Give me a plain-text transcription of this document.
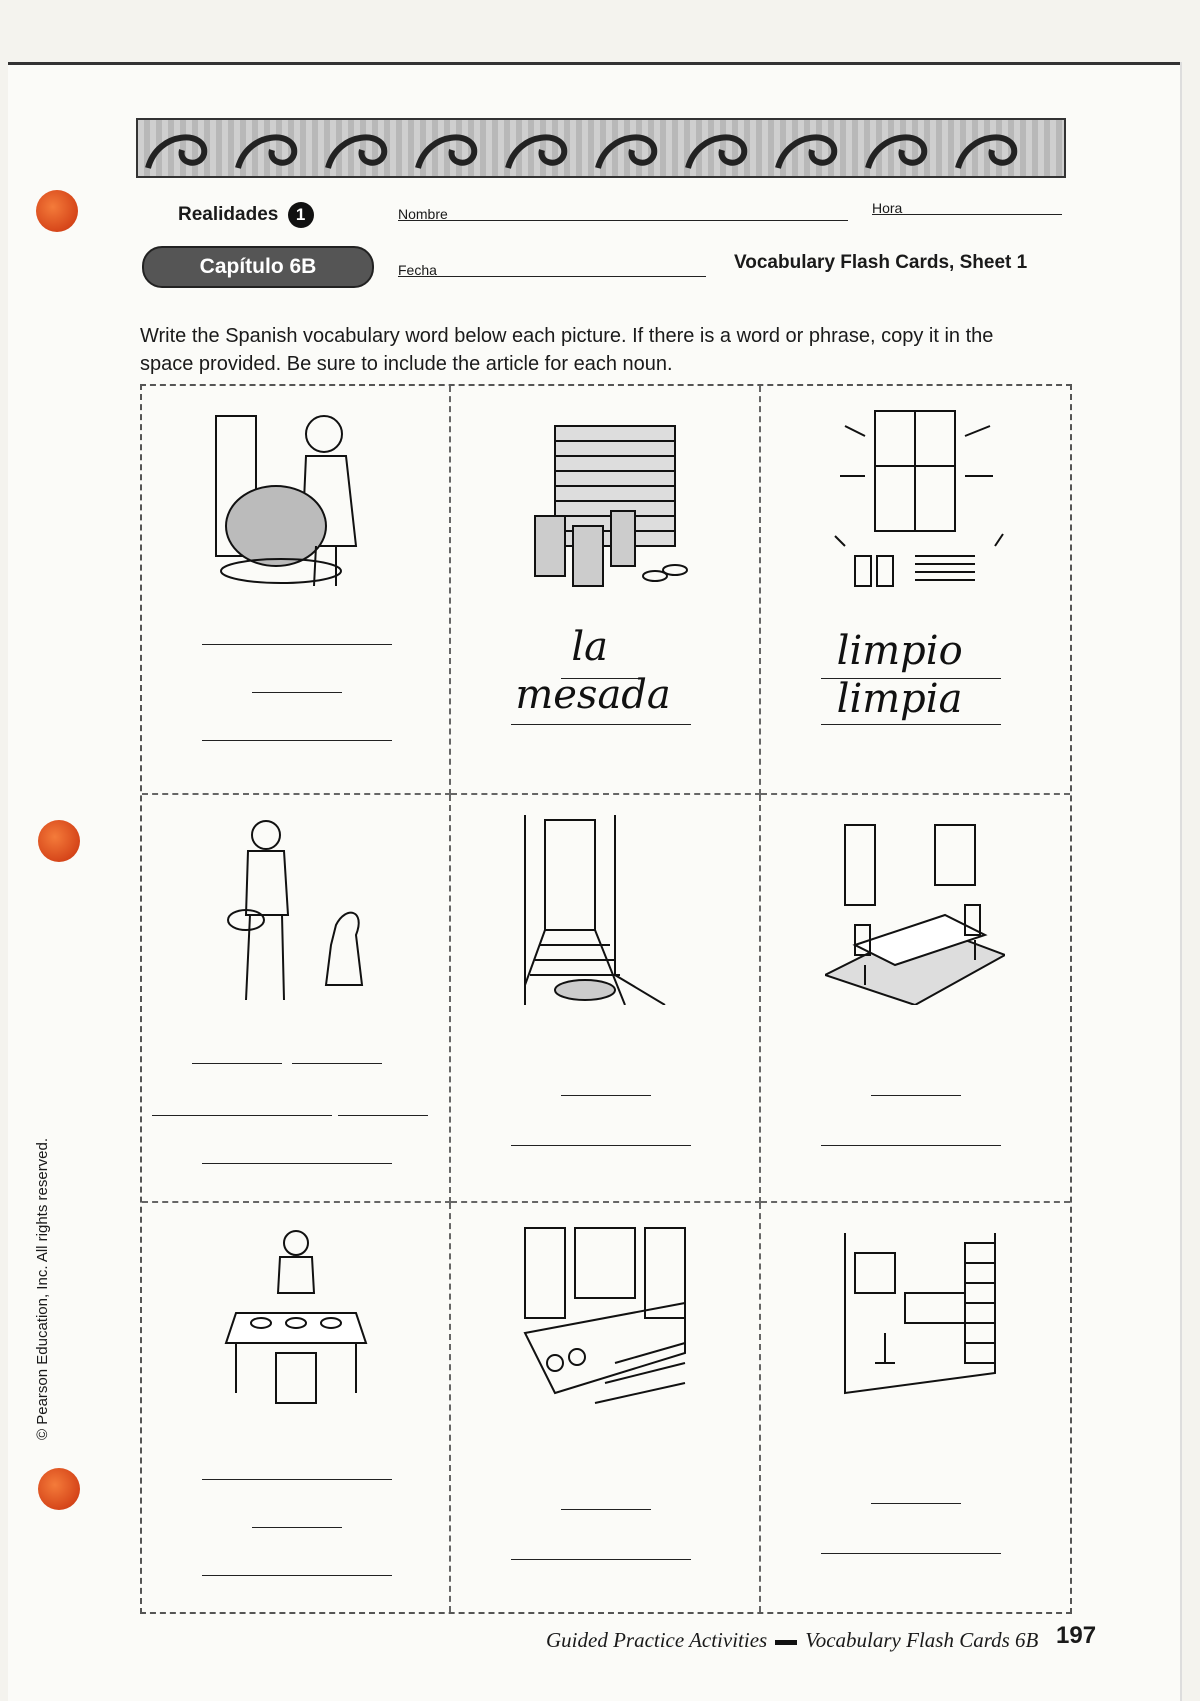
Realidades 1
Capítulo 6B
Nombre	Hora
Fecha	Vocabulary Flash Cards, Sheet 1
Write the Spanish vocabulary word below each picture. If there is a word or phrase, copy it in the space provided. Be sure to include the article for each noun.
la
mesada
limpio
limpia
Guided Practice Activities Vocabulary Flash Cards 6B 197
© Pearson Education, Inc. All rights reserved.
